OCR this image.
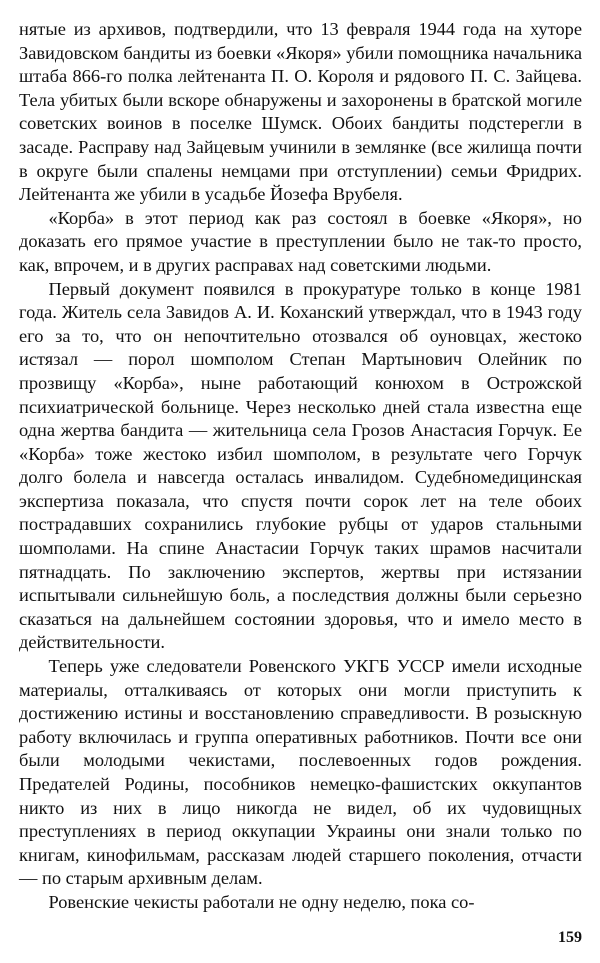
нятые из архивов, подтвердили, что 13 февраля 1944 года на хуторе Завидовском бандиты из боевки «Якоря» убили помощника начальника штаба 866-го полка лейтенанта П. О. Короля и рядового П. С. Зайцева. Тела убитых были вскоре обнаружены и захоронены в братской могиле советских воинов в поселке Шумск. Обоих бандиты подстерегли в засаде. Расправу над Зайцевым учинили в землянке (все жилища почти в округе были спалены немцами при отступлении) семьи Фридрих. Лейтенанта же убили в усадьбе Йозефа Врубеля.

«Корба» в этот период как раз состоял в боевке «Якоря», но доказать его прямое участие в преступлении было не так-то просто, как, впрочем, и в других расправах над советскими людьми.

Первый документ появился в прокуратуре только в конце 1981 года. Житель села Завидов А. И. Коханский утверждал, что в 1943 году его за то, что он непочтительно отозвался об оуновцах, жестоко истязал — порол шомполом Степан Мартынович Олейник по прозвищу «Корба», ныне работающий конюхом в Острожской психиатрической больнице. Через несколько дней стала известна еще одна жертва бандита — жительница села Грозов Анастасия Горчук. Ее «Корба» тоже жестоко избил шомполом, в результате чего Горчук долго болела и навсегда осталась инвалидом. Судебномедицинская экспертиза показала, что спустя почти сорок лет на теле обоих пострадавших сохранились глубокие рубцы от ударов стальными шомполами. На спине Анастасии Горчук таких шрамов насчитали пятнадцать. По заключению экспертов, жертвы при истязании испытывали сильнейшую боль, а последствия должны были серьезно сказаться на дальнейшем состоянии здоровья, что и имело место в действительности.

Теперь уже следователи Ровенского УКГБ УССР имели исходные материалы, отталкиваясь от которых они могли приступить к достижению истины и восстановлению справедливости. В розыскную работу включилась и группа оперативных работников. Почти все они были молодыми чекистами, послевоенных годов рождения. Предателей Родины, пособников немецко-фашистских оккупантов никто из них в лицо никогда не видел, об их чудовищных преступлениях в период оккупации Украины они знали только по книгам, кинофильмам, рассказам людей старшего поколения, отчасти — по старым архивным делам.

Ровенские чекисты работали не одну неделю, пока со-

159
